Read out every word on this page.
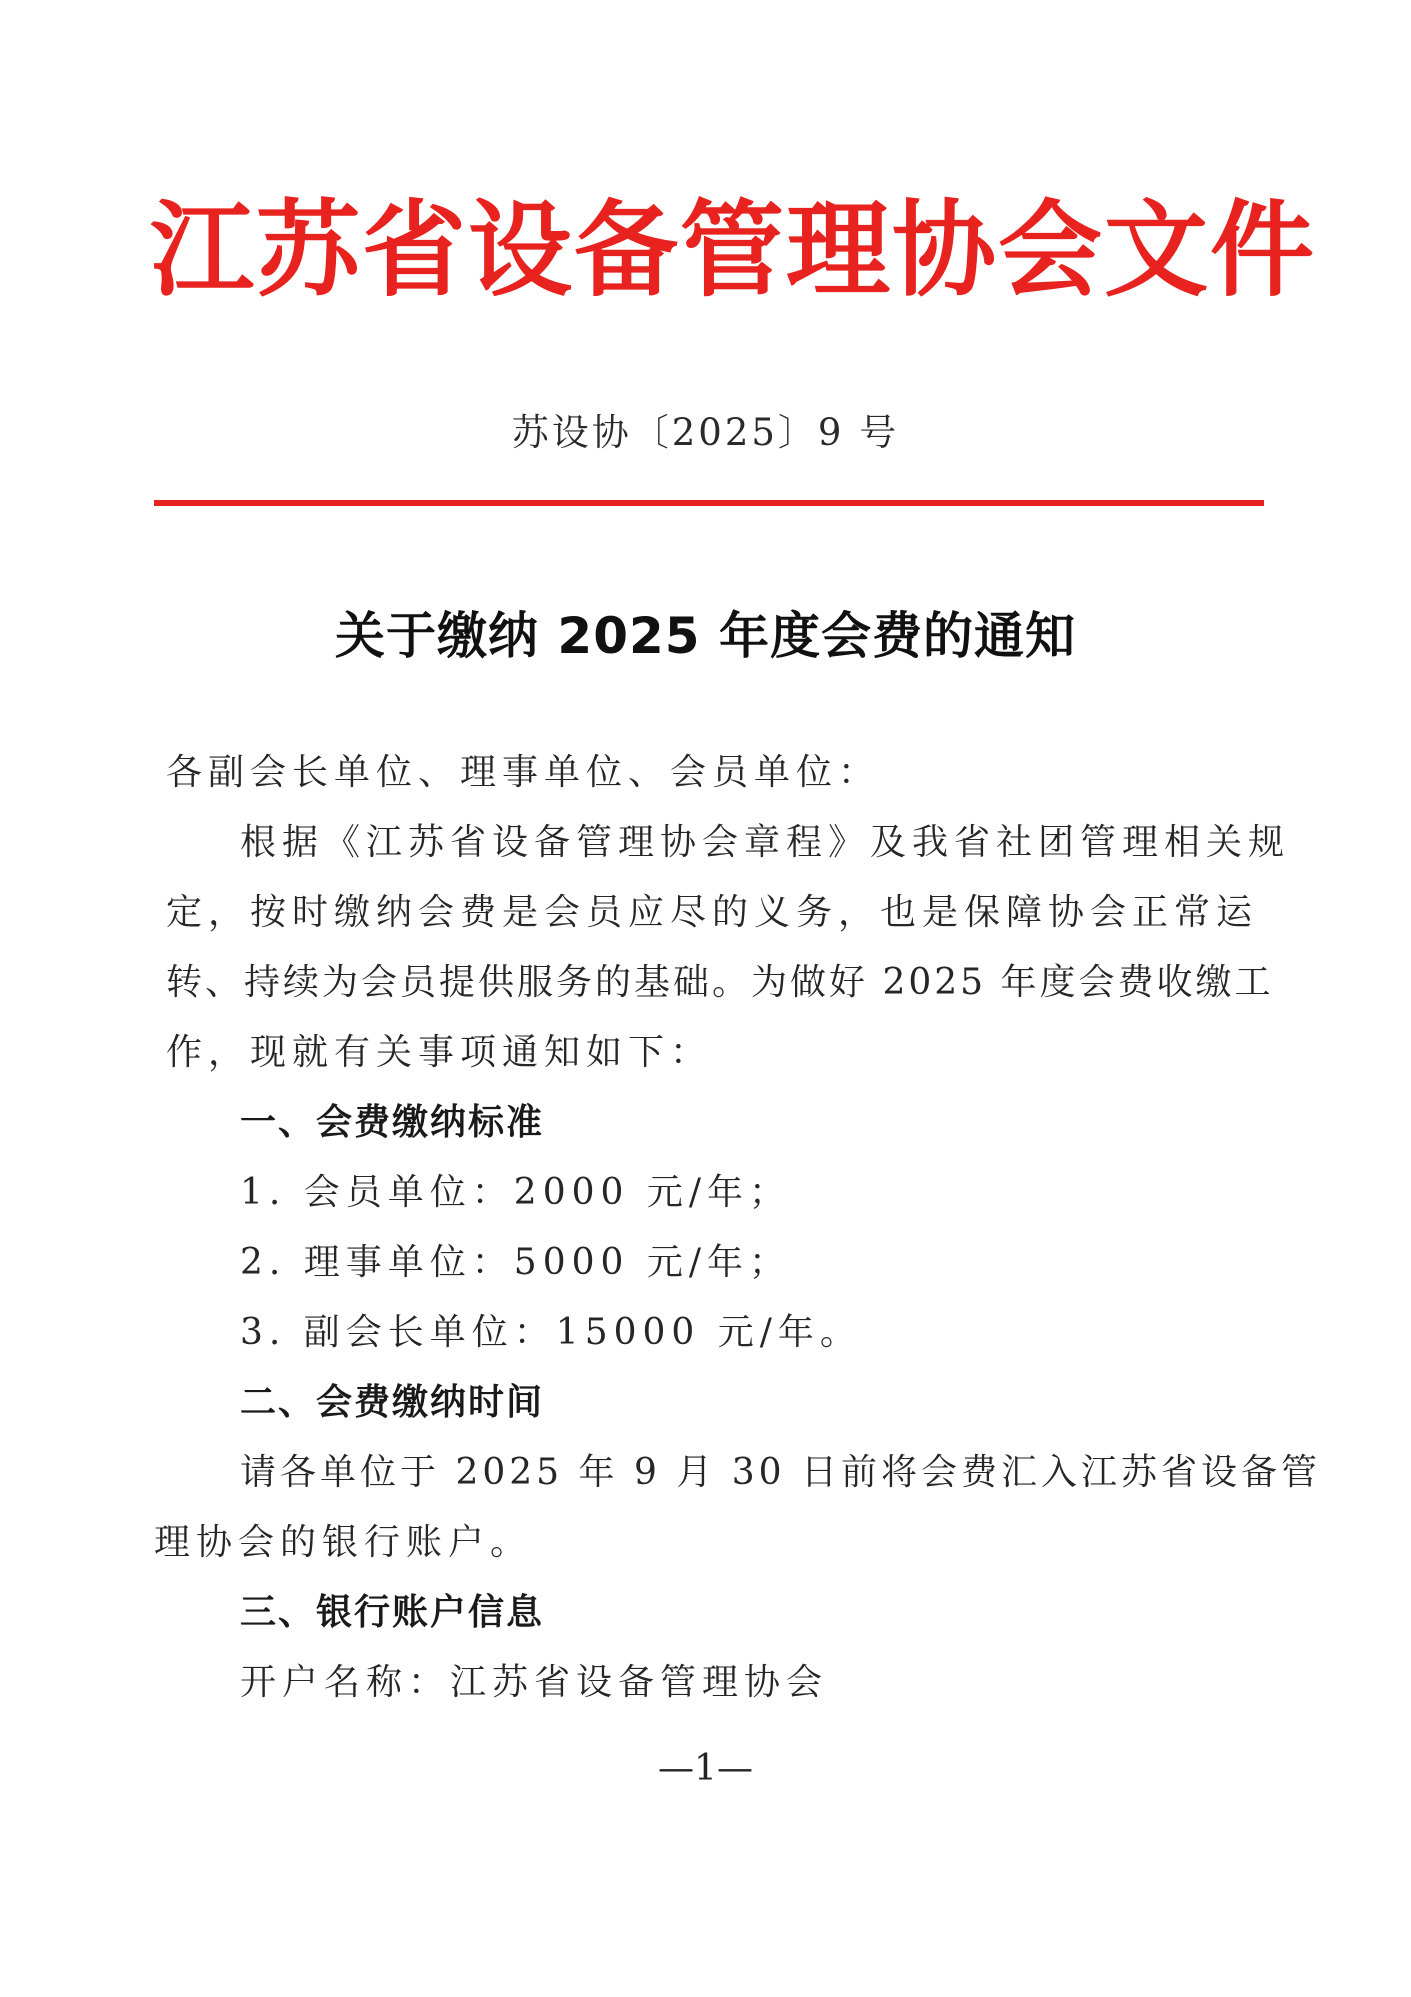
江苏省设备管理协会文件
苏设协〔2025〕9 号
关于缴纳 2025 年度会费的通知
各副会长单位、理事单位、会员单位：
根据《江苏省设备管理协会章程》及我省社团管理相关规
定，按时缴纳会费是会员应尽的义务，也是保障协会正常运
转、持续为会员提供服务的基础。为做好 2025 年度会费收缴工
作，现就有关事项通知如下：
一、会费缴纳标准
1. 会员单位：2000 元/年；
2. 理事单位：5000 元/年；
3. 副会长单位：15000 元/年。
二、会费缴纳时间
请各单位于 2025 年 9 月 30 日前将会费汇入江苏省设备管
理协会的银行账户。
三、银行账户信息
开户名称：江苏省设备管理协会
—1—
